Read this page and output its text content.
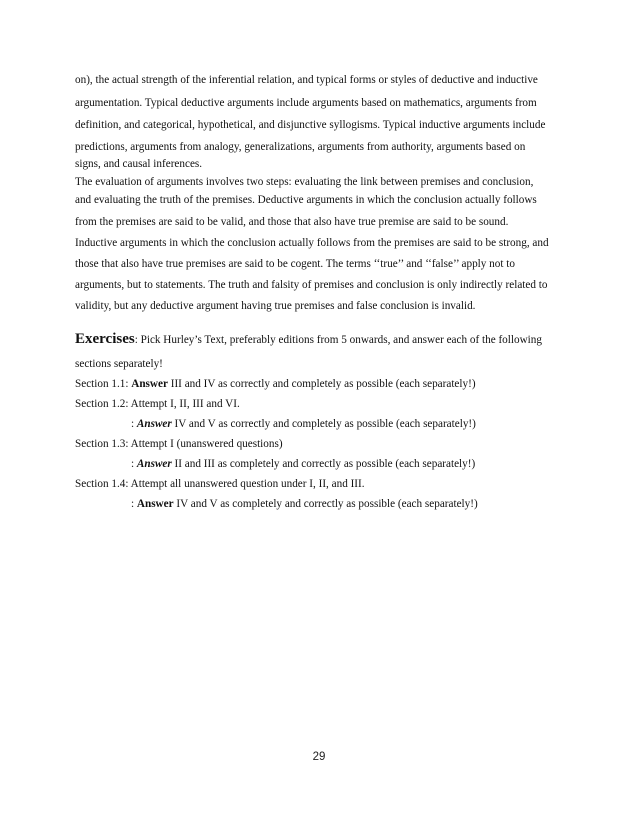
on), the actual strength of the inferential relation, and typical forms or styles of deductive and inductive
argumentation. Typical deductive arguments include arguments based on mathematics, arguments from
definition, and categorical, hypothetical, and disjunctive syllogisms. Typical inductive arguments include
predictions, arguments from analogy, generalizations, arguments from authority, arguments based on
signs, and causal inferences.
The evaluation of arguments involves two steps: evaluating the link between premises and conclusion,
and evaluating the truth of the premises. Deductive arguments in which the conclusion actually follows
from the premises are said to be valid, and those that also have true premise are said to be sound.
Inductive arguments in which the conclusion actually follows from the premises are said to be strong, and
those that also have true premises are said to be cogent. The terms ‘‘true’’ and ‘‘false’’ apply not to
arguments, but to statements. The truth and falsity of premises and conclusion is only indirectly related to
validity, but any deductive argument having true premises and false conclusion is invalid.
Exercises: Pick Hurley’s Text, preferably editions from 5 onwards, and answer each of the following
sections separately!
Section 1.1: Answer III and IV as correctly and completely as possible (each separately!)
Section 1.2: Attempt I, II, III and VI.
: Answer IV and V as correctly and completely as possible (each separately!)
Section 1.3: Attempt I (unanswered questions)
: Answer II and III as completely and correctly as possible (each separately!)
Section 1.4: Attempt all unanswered question under I, II, and III.
: Answer IV and V as completely and correctly as possible (each separately!)
29
